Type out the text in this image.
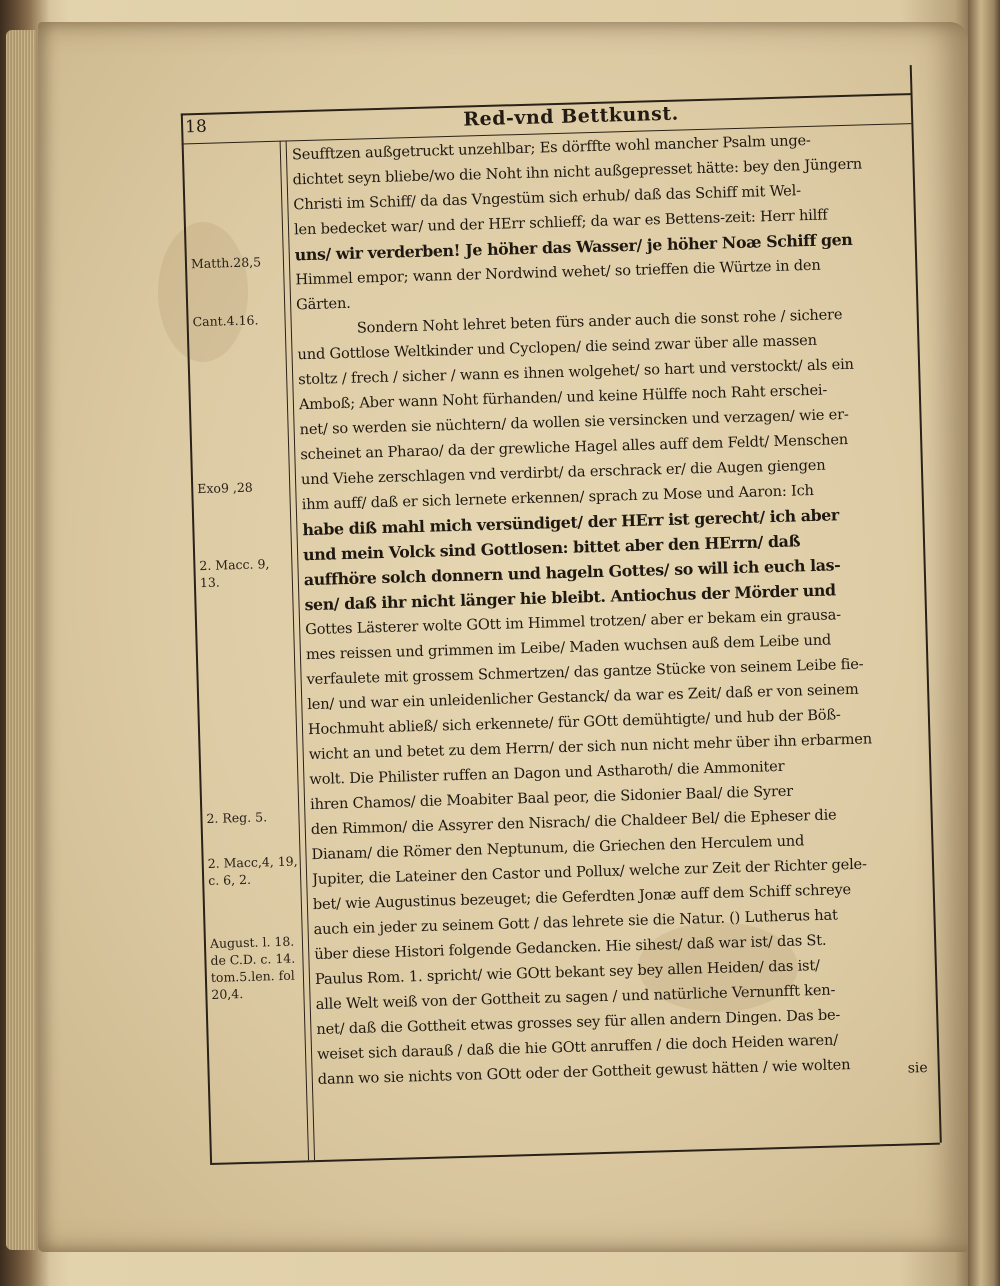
18	Red-vnd Bettkunst.
Matth.28,5
Cant.4.16.
Exo9 ,28
2. Macc. 9, 13.
2. Reg. 5.
2. Macc,4, 19, c. 6, 2.
August. l. 18. de C.D. c. 14. tom.5.len. fol 20,4.
Seufftzen außgetruckt unzehlbar; Es dörffte wohl mancher Psalm unge-
dichtet seyn bliebe/wo die Noht ihn nicht außgepresset hätte: bey den Jüngern
Christi im Schiff/ da das Vngestüm sich erhub/ daß das Schiff mit Wel-
len bedecket war/ und der HErr schlieff; da war es Bettens-zeit: Herr hilff
uns/ wir verderben! Je höher das Wasser/ je höher Noæ Schiff gen
Himmel empor; wann der Nordwind wehet/ so trieffen die Würtze in den
Gärten.
Sondern Noht lehret beten fürs ander auch die sonst rohe / sichere
und Gottlose Weltkinder und Cyclopen/ die seind zwar über alle massen
stoltz / frech / sicher / wann es ihnen wolgehet/ so hart und verstockt/ als ein
Amboß; Aber wann Noht fürhanden/ und keine Hülffe noch Raht erschei-
net/ so werden sie nüchtern/ da wollen sie versincken und verzagen/ wie er-
scheinet an Pharao/ da der grewliche Hagel alles auff dem Feldt/ Menschen
und Viehe zerschlagen vnd verdirbt/ da erschrack er/ die Augen giengen
ihm auff/ daß er sich lernete erkennen/ sprach zu Mose und Aaron: Ich
habe diß mahl mich versündiget/ der HErr ist gerecht/ ich aber
und mein Volck sind Gottlosen: bittet aber den HErrn/ daß
auffhöre solch donnern und hageln Gottes/ so will ich euch las-
sen/ daß ihr nicht länger hie bleibt. Antiochus der Mörder und
Gottes Lästerer wolte GOtt im Himmel trotzen/ aber er bekam ein grausa-
mes reissen und grimmen im Leibe/ Maden wuchsen auß dem Leibe und
verfaulete mit grossem Schmertzen/ das gantze Stücke von seinem Leibe fie-
len/ und war ein unleidenlicher Gestanck/ da war es Zeit/ daß er von seinem
Hochmuht abließ/ sich erkennete/ für GOtt demühtigte/ und hub der Böß-
wicht an und betet zu dem Herrn/ der sich nun nicht mehr über ihn erbarmen
wolt. Die Philister ruffen an Dagon und Astharoth/ die Ammoniter
ihren Chamos/ die Moabiter Baal peor, die Sidonier Baal/ die Syrer
den Rimmon/ die Assyrer den Nisrach/ die Chaldeer Bel/ die Epheser die
Dianam/ die Römer den Neptunum, die Griechen den Herculem und
Jupiter, die Lateiner den Castor und Pollux/ welche zur Zeit der Richter gele-
bet/ wie Augustinus bezeuget; die Geferdten Jonæ auff dem Schiff schreye
auch ein jeder zu seinem Gott / das lehrete sie die Natur. () Lutherus hat
über diese Histori folgende Gedancken. Hie sihest/ daß war ist/ das St.
Paulus Rom. 1. spricht/ wie GOtt bekant sey bey allen Heiden/ das ist/
alle Welt weiß von der Gottheit zu sagen / und natürliche Vernunfft ken-
net/ daß die Gottheit etwas grosses sey für allen andern Dingen. Das be-
weiset sich darauß / daß die hie GOtt anruffen / die doch Heiden waren/
dann wo sie nichts von GOtt oder der Gottheit gewust hätten / wie wolten	sie
